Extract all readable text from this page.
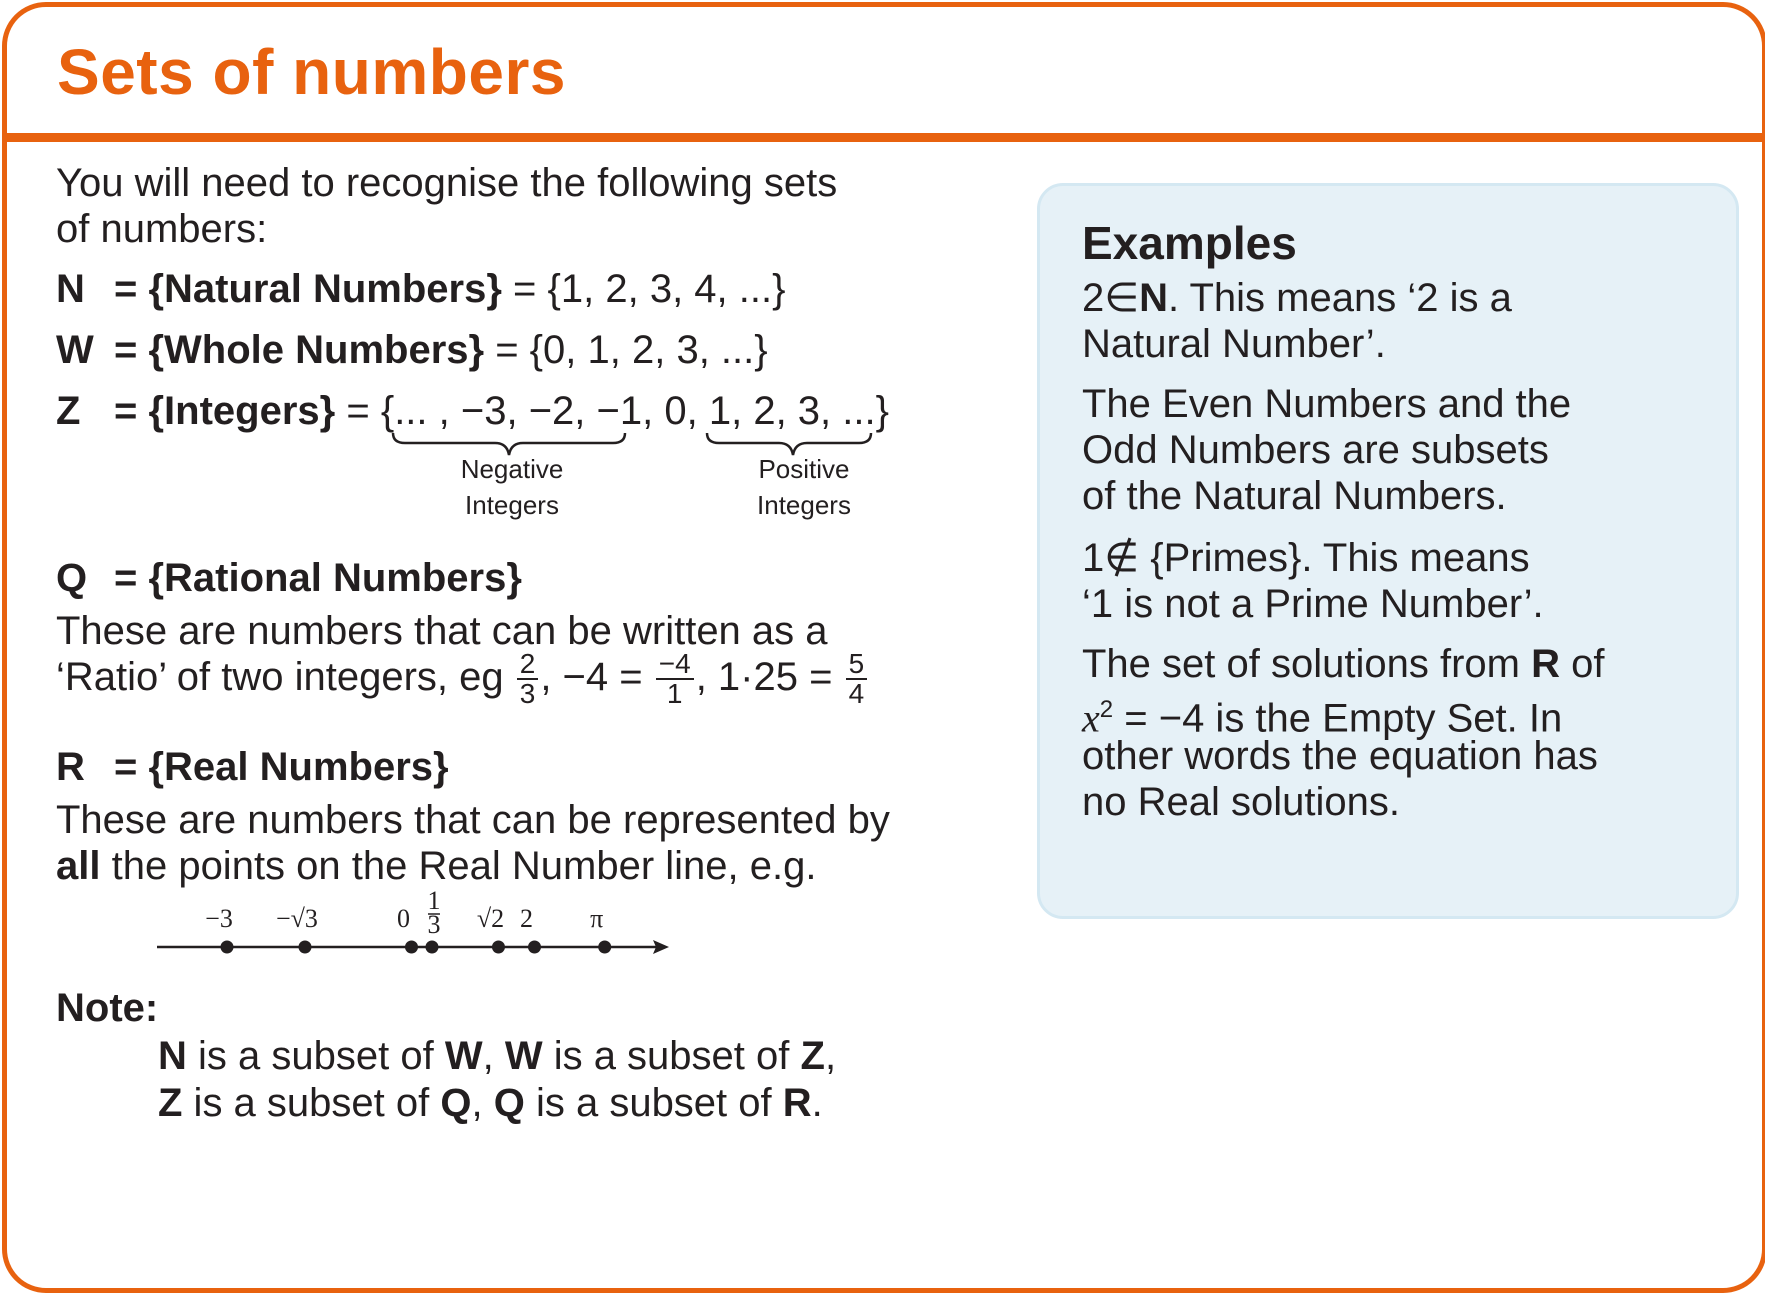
Sets of numbers

You will need to recognise the following sets

of numbers:

N = {Natural Numbers} = {1, 2, 3, 4, ...}
W = {Whole Numbers} = {0, 1, 2, 3, ...}
Z = {Integers} = {... , −3, −2, −1, 0, 1, 2, 3, ...}
Negative
Integers
Positive
Integers
Q = {Rational Numbers}

These are numbers that can be written as a

‘Ratio’ of two integers, eg $\frac{2}{3}$ , $-4 = \frac{-4}{1}$ , $1\cdot 25 = \frac{5}{4}$
R = {Real Numbers}

These are numbers that can be represented by

all the points on the Real Number line, e.g.
−3 −√3	0
1
3 √2 2 π

Note:

N is a subset of W, W is a subset of Z,
Z is a subset of Q, Q is a subset of R.

Examples

2∈N. This means ‘2 is a

Natural Number’.

The Even Numbers and the

Odd Numbers are subsets

of the Natural Numbers.

1∉ {Primes}. This means

‘1 is not a Prime Number’.

The set of solutions from R of
$x^2 = -4$ is the Empty Set. In

other words the equation has

no Real solutions.
